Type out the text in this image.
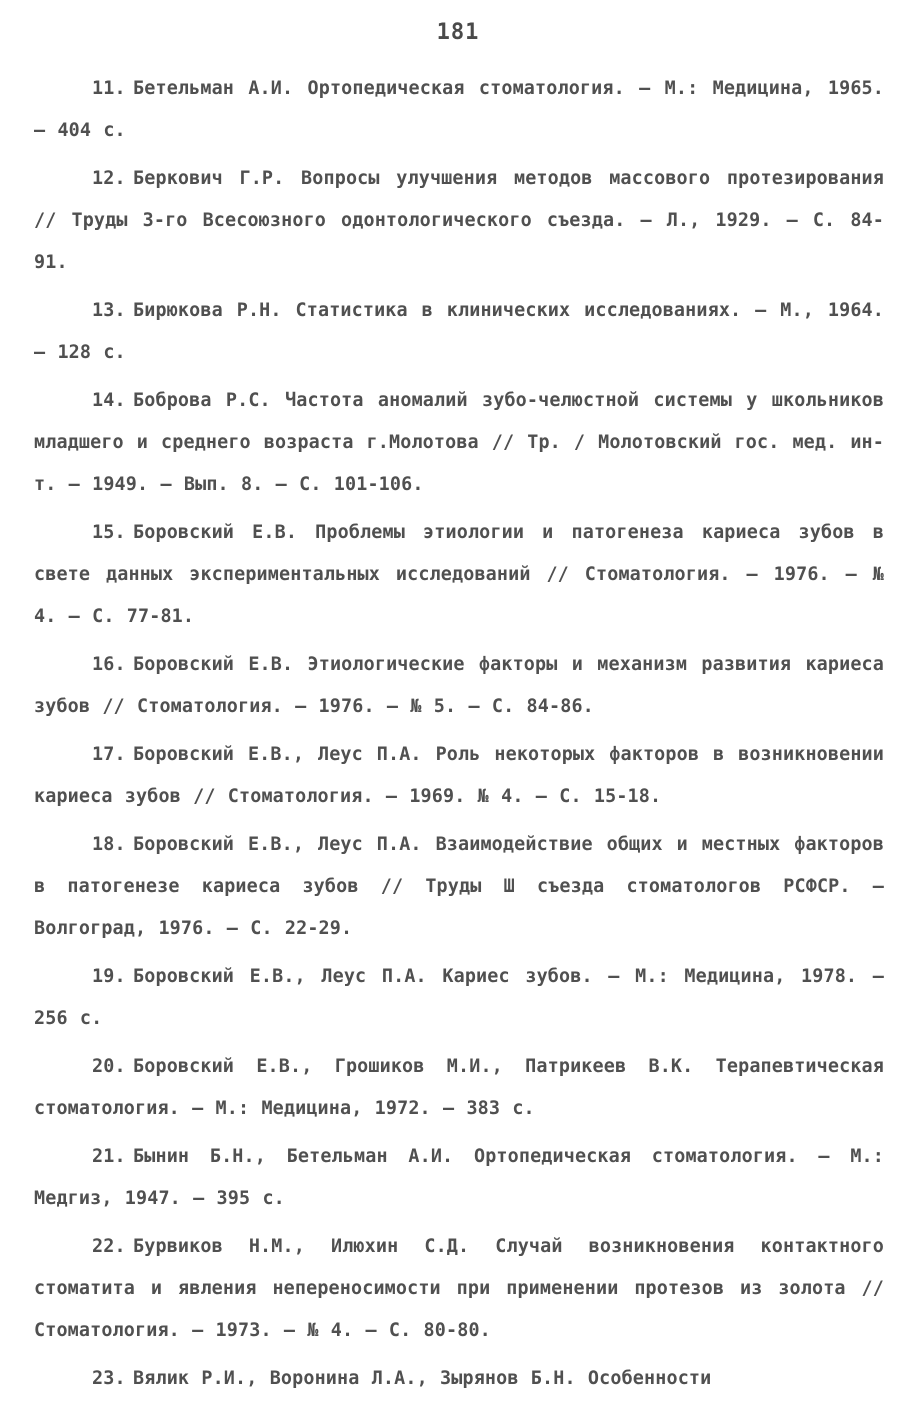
181
11. Бетельман А.И. Ортопедическая стоматология. – М.: Медицина, 1965. – 404 с.
12. Беркович Г.Р. Вопросы улучшения методов массового протезирования // Труды 3-го Всесоюзного одонтологического съезда. – Л., 1929. – С. 84-91.
13. Бирюкова Р.Н. Статистика в клинических исследованиях. – М., 1964. – 128 с.
14. Боброва Р.С. Частота аномалий зубо-челюстной системы у школьников младшего и среднего возраста г.Молотова // Тр. / Молотовский гос. мед. ин-т. – 1949. – Вып. 8. – С. 101-106.
15. Боровский Е.В. Проблемы этиологии и патогенеза кариеса зубов в свете данных экспериментальных исследований // Стоматология. – 1976. – № 4. – С. 77-81.
16. Боровский Е.В. Этиологические факторы и механизм развития кариеса зубов // Стоматология. – 1976. – № 5. – С. 84-86.
17. Боровский Е.В., Леус П.А. Роль некоторых факторов в возникновении кариеса зубов // Стоматология. – 1969. № 4. – С. 15-18.
18. Боровский Е.В., Леус П.А. Взаимодействие общих и местных факторов в патогенезе кариеса зубов // Труды Ш съезда стоматологов РСФСР. – Волгоград, 1976. – С. 22-29.
19. Боровский Е.В., Леус П.А. Кариес зубов. – М.: Медицина, 1978. – 256 с.
20. Боровский Е.В., Грошиков М.И., Патрикеев В.К. Терапевтическая стоматология. – М.: Медицина, 1972. – 383 с.
21. Бынин Б.Н., Бетельман А.И. Ортопедическая стоматология. – М.: Медгиз, 1947. – 395 с.
22. Бурвиков Н.М., Илюхин С.Д. Случай возникновения контактного стоматита и явления непереносимости при применении протезов из золота // Стоматология. – 1973. – № 4. – С. 80-80.
23. Вялик Р.И., Воронина Л.А., Зырянов Б.Н. Особенности
